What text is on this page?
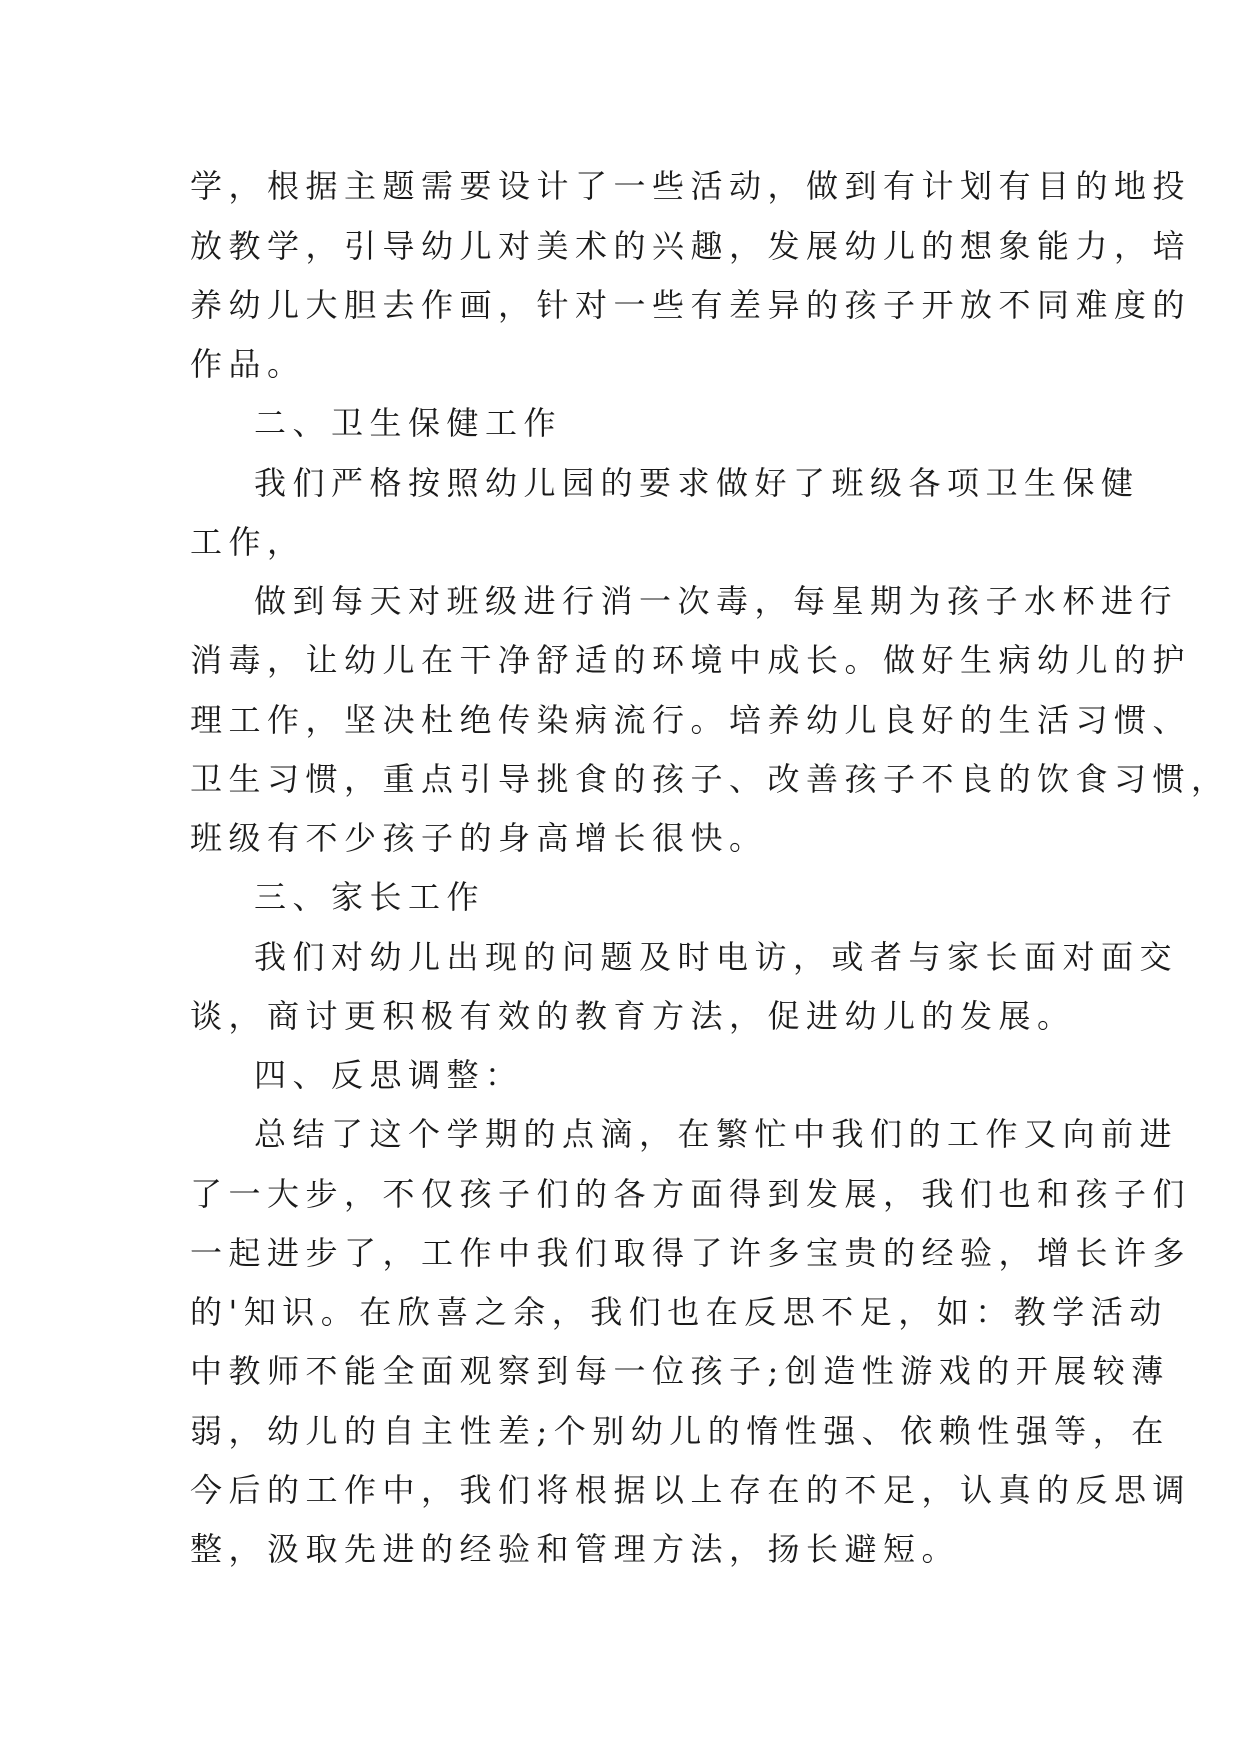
学，根据主题需要设计了一些活动，做到有计划有目的地投

放教学，引导幼儿对美术的兴趣，发展幼儿的想象能力，培

养幼儿大胆去作画，针对一些有差异的孩子开放不同难度的

作品。

二、卫生保健工作

我们严格按照幼儿园的要求做好了班级各项卫生保健

工作，

做到每天对班级进行消一次毒，每星期为孩子水杯进行

消毒，让幼儿在干净舒适的环境中成长。做好生病幼儿的护

理工作，坚决杜绝传染病流行。培养幼儿良好的生活习惯、

卫生习惯，重点引导挑食的孩子、改善孩子不良的饮食习惯，

班级有不少孩子的身高增长很快。

三、家长工作

我们对幼儿出现的问题及时电访，或者与家长面对面交

谈，商讨更积极有效的教育方法，促进幼儿的发展。

四、反思调整：

总结了这个学期的点滴，在繁忙中我们的工作又向前进

了一大步，不仅孩子们的各方面得到发展，我们也和孩子们

一起进步了，工作中我们取得了许多宝贵的经验，增长许多

的'知识。在欣喜之余，我们也在反思不足，如：教学活动

中教师不能全面观察到每一位孩子;创造性游戏的开展较薄

弱，幼儿的自主性差;个别幼儿的惰性强、依赖性强等，在

今后的工作中，我们将根据以上存在的不足，认真的反思调

整，汲取先进的经验和管理方法，扬长避短。
